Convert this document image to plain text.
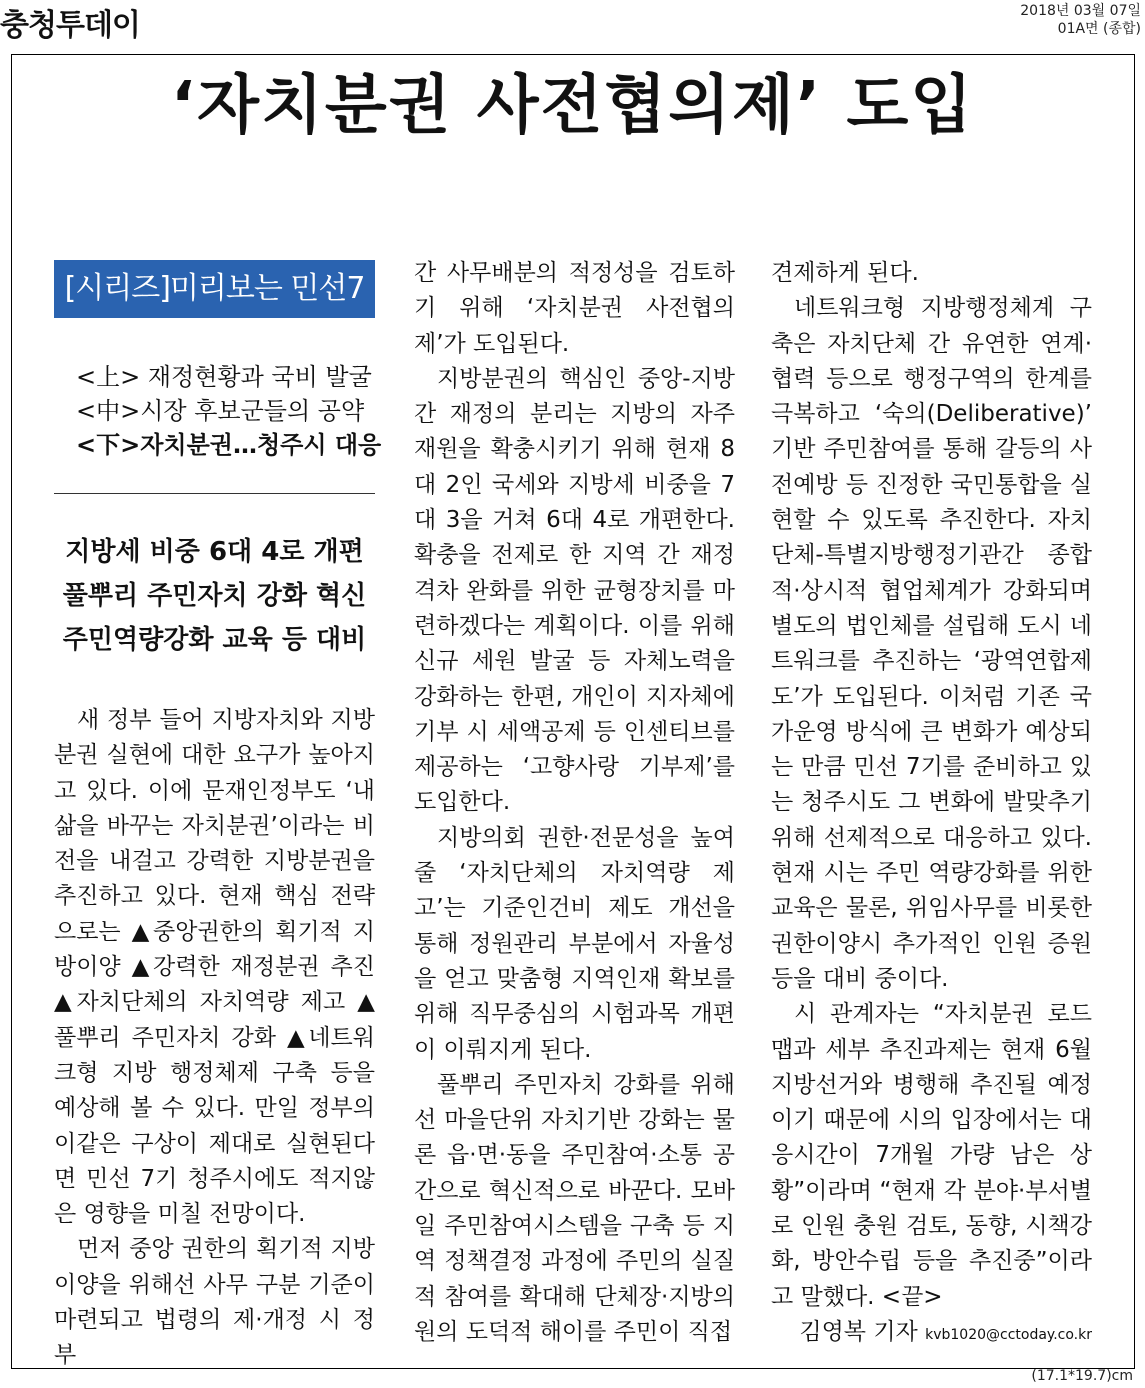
충청투데이	2018년 03월 07일
01A면 (종합)
‘자치분권 사전협의제’ 도입
[시리즈]미리보는 민선7기
<上> 재정현황과 국비 발굴
<中>시장 후보군들의 공약
<下>자치분권…청주시 대응
지방세 비중 6대 4로 개편
풀뿌리 주민자치 강화 혁신
주민역량강화 교육 등 대비

새 정부 들어 지방자치와 지방분권 실현에 대한 요구가 높아지고 있다. 이에 문재인정부도 ‘내 삶을 바꾸는 자치분권’이라는 비전을 내걸고 강력한 지방분권을 추진하고 있다. 현재 핵심 전략으로는 ▲중앙권한의 획기적 지방이양 ▲강력한 재정분권 추진 ▲자치단체의 자치역량 제고 ▲풀뿌리 주민자치 강화 ▲네트워크형 지방 행정체제 구축 등을 예상해 볼 수 있다. 만일 정부의 이같은 구상이 제대로 실현된다면 민선 7기 청주시에도 적지않은 영향을 미칠 전망이다.

먼저 중앙 권한의 획기적 지방이양을 위해선 사무 구분 기준이 마련되고 법령의 제·개정 시 정부

간 사무배분의 적정성을 검토하기 위해 ‘자치분권 사전협의제’가 도입된다.

지방분권의 핵심인 중앙-지방간 재정의 분리는 지방의 자주 재원을 확충시키기 위해 현재 8대 2인 국세와 지방세 비중을 7대 3을 거쳐 6대 4로 개편한다. 확충을 전제로 한 지역 간 재정격차 완화를 위한 균형장치를 마련하겠다는 계획이다. 이를 위해 신규 세원 발굴 등 자체노력을 강화하는 한편, 개인이 지자체에 기부 시 세액공제 등 인센티브를 제공하는 ‘고향사랑 기부제’를 도입한다.

지방의회 권한·전문성을 높여줄 ‘자치단체의 자치역량 제고’는 기준인건비 제도 개선을 통해 정원관리 부분에서 자율성을 얻고 맞춤형 지역인재 확보를 위해 직무중심의 시험과목 개편이 이뤄지게 된다.

풀뿌리 주민자치 강화를 위해선 마을단위 자치기반 강화는 물론 읍·면·동을 주민참여·소통 공간으로 혁신적으로 바꾼다. 모바일 주민참여시스템을 구축 등 지역 정책결정 과정에 주민의 실질적 참여를 확대해 단체장·지방의원의 도덕적 해이를 주민이 직접

견제하게 된다.

네트워크형 지방행정체계 구축은 자치단체 간 유연한 연계·협력 등으로 행정구역의 한계를 극복하고 ‘숙의(Deliberative)’ 기반 주민참여를 통해 갈등의 사전예방 등 진정한 국민통합을 실현할 수 있도록 추진한다. 자치단체-특별지방행정기관간 종합적·상시적 협업체계가 강화되며 별도의 법인체를 설립해 도시 네트워크를 추진하는 ‘광역연합제도’가 도입된다. 이처럼 기존 국가운영 방식에 큰 변화가 예상되는 만큼 민선 7기를 준비하고 있는 청주시도 그 변화에 발맞추기 위해 선제적으로 대응하고 있다. 현재 시는 주민 역량강화를 위한 교육은 물론, 위임사무를 비롯한 권한이양시 추가적인 인원 증원 등을 대비 중이다.

시 관계자는 “자치분권 로드맵과 세부 추진과제는 현재 6월 지방선거와 병행해 추진될 예정이기 때문에 시의 입장에서는 대응시간이 7개월 가량 남은 상황”이라며 “현재 각 분야·부서별로 인원 충원 검토, 동향, 시책강화, 방안수립 등을 추진중”이라고 말했다. <끝>

김영복 기자 kvb1020@cctoday.co.kr
(17.1*19.7)cm
